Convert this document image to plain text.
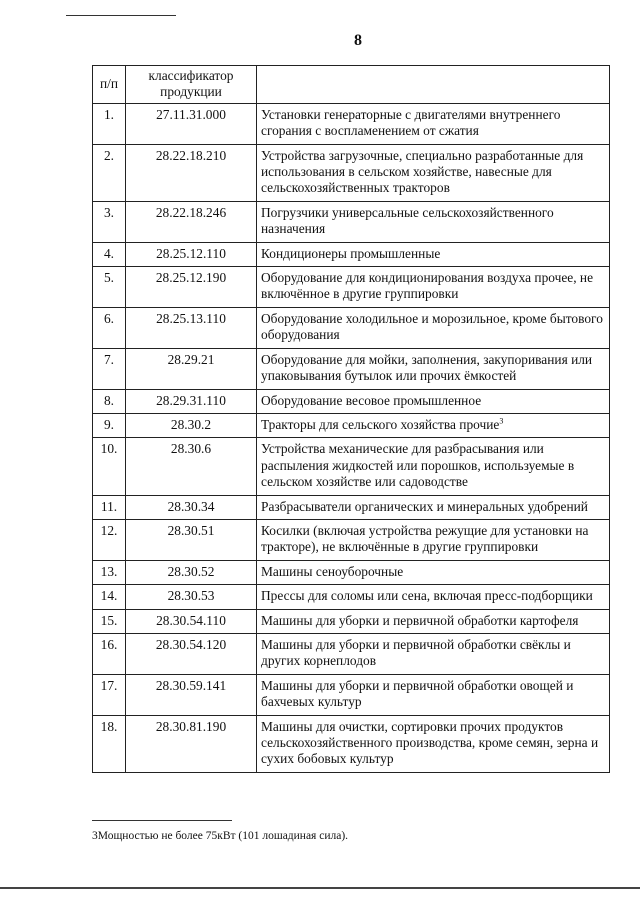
8
п/п	классификатор продукции	
1.	27.11.31.000	Установки генераторные с двигателями внутреннего сгорания с воспламенением от сжатия
2.	28.22.18.210	Устройства загрузочные, специально разработанные для использования в сельском хозяйстве, навесные для сельскохозяйственных тракторов
3.	28.22.18.246	Погрузчики универсальные сельскохозяйственного назначения
4.	28.25.12.110	Кондиционеры промышленные
5.	28.25.12.190	Оборудование для кондиционирования воздуха прочее, не включённое в другие группировки
6.	28.25.13.110	Оборудование холодильное и морозильное, кроме бытового оборудования
7.	28.29.21	Оборудование для мойки, заполнения, закупоривания или упаковывания бутылок или прочих ёмкостей
8.	28.29.31.110	Оборудование весовое промышленное
9.	28.30.2	Тракторы для сельского хозяйства прочие$^3$
10.	28.30.6	Устройства механические для разбрасывания или распыления жидкостей или порошков, используемые в сельском хозяйстве или садоводстве
11.	28.30.34	Разбрасыватели органических и минеральных удобрений
12.	28.30.51	Косилки (включая устройства режущие для установки на тракторе), не включённые в другие группировки
13.	28.30.52	Машины сеноуборочные
14.	28.30.53	Прессы для соломы или сена, включая пресс-подборщики
15.	28.30.54.110	Машины для уборки и первичной обработки картофеля
16.	28.30.54.120	Машины для уборки и первичной обработки свёклы и других корнеплодов
17.	28.30.59.141	Машины для уборки и первичной обработки овощей и бахчевых культур
18.	28.30.81.190	Машины для очистки, сортировки прочих продуктов сельскохозяйственного производства, кроме семян, зерна и сухих бобовых культур
3Мощностью не более 75кВт (101 лошадиная сила).
